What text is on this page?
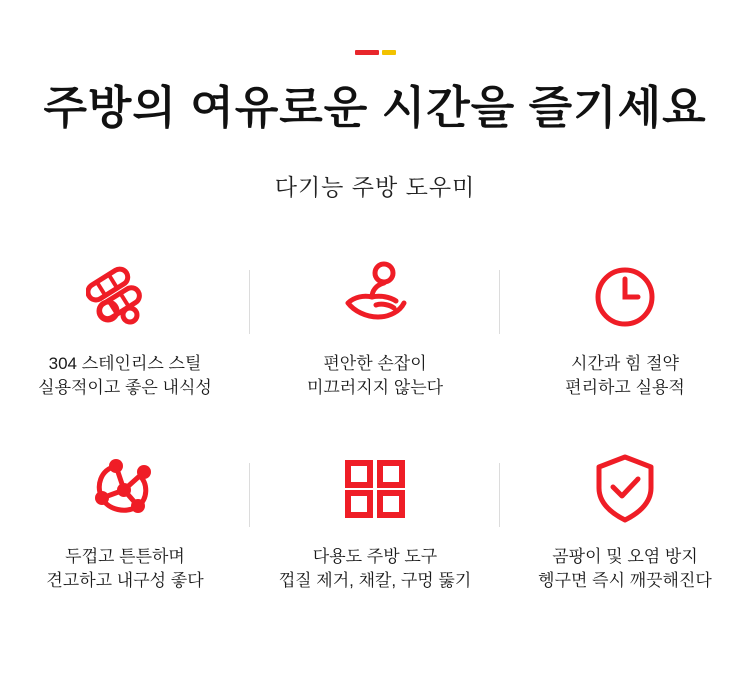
주방의 여유로운 시간을 즐기세요
다기능 주방 도우미
304 스테인리스 스틸
실용적이고 좋은 내식성
편안한 손잡이
미끄러지지 않는다
시간과 힘 절약
편리하고 실용적
두껍고 튼튼하며
견고하고 내구성 좋다
다용도 주방 도구
껍질 제거, 채칼, 구멍 뚫기
곰팡이 및 오염 방지
헹구면 즉시 깨끗해진다
